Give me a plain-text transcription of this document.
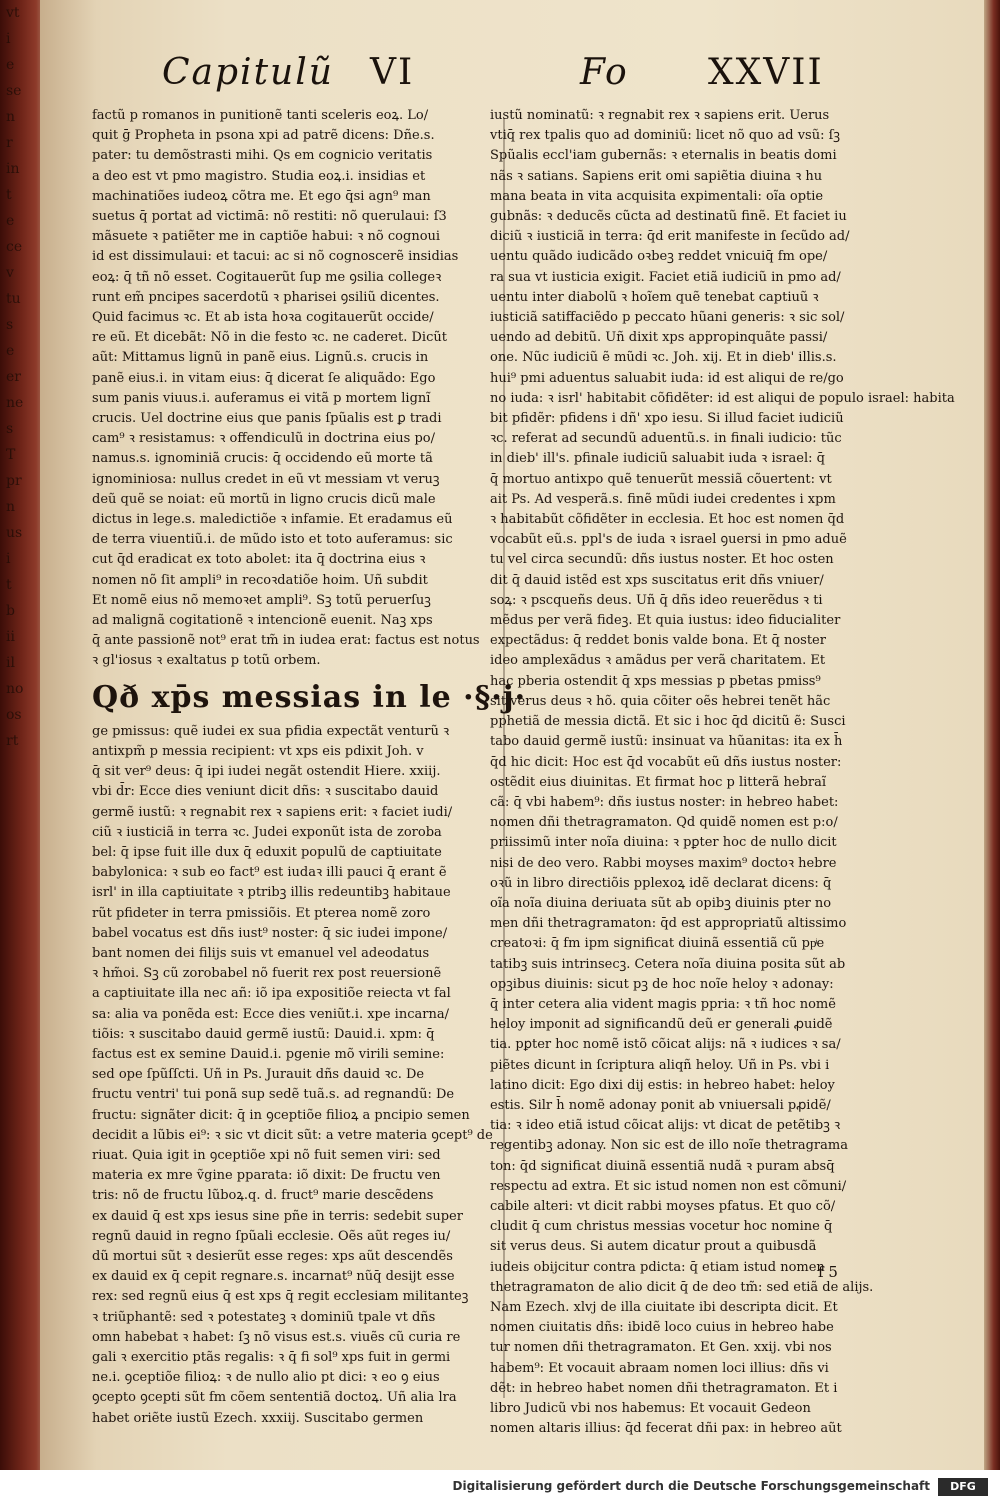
vt
i
e
se
n
r
in
t
e
ce
v
tu
s
e
er
ne
s
T
pr
n
us
i
t
b
ii
il
no
os
rt
Capitulũ VI	Fo XXVII

factũ p romanos in punitionẽ tanti sceleris eoꝝ. Lo/

quit ḡ Propheta in psona xpi ad patrẽ dicens: Dñe.s.

pater: tu demõstrasti mihi. Qs em cognicio veritatis

a deo est vt pmo magistro. Studia eoꝝ.i. insidias et

machinatiões iudeoꝝ cõtra me. Et ego q̄si agn⁹ man

suetus q̄ portat ad victimā: nõ restiti: nõ querulaui: ſ3

mãsuete ꝛ patiẽter me in captiõe habui: ꝛ nõ cognoui

id est dissimulaui: et tacui: ac si nõ cognoscerẽ insidias

eoꝝ: q̄ tñ nõ esset. Cogitauerũt ſup me ꝯsilia collegeꝛ

runt em̃ pncipes sacerdotũ ꝛ pharisei ꝯsiliũ dicentes.

Quid facimus ꝛc. Et ab ista hoꝛa cogitauerũt occide/

re eũ. Et dicebãt: Nõ in die festo ꝛc. ne caderet. Dicũt

aũt: Mittamus lignũ in panẽ eius. Lignũ.s. crucis in

panẽ eius.i. in vitam eius: q̄ dicerat ſe aliquãdo: Ego

sum panis viuus.i. auferamus ei vitã p mortem lignĩ

crucis. Uel doctrine eius que panis ſpũalis est ꝑ tradi

cam⁹ ꝛ resistamus: ꝛ offendiculũ in doctrina eius po/

namus.s. ignominiã crucis: q̄ occidendo eũ morte tã

ignominiosa: nullus credet in eũ vt messiam vt veruꝫ

deũ quẽ se noiat: eũ mortũ in ligno crucis dicũ male

dictus in lege.s. maledictiõe ꝛ infamie. Et eradamus eũ

de terra viuentiũ.i. de mũdo isto et toto auferamus: sic

cut q̄d eradicat ex toto abolet: ita q̄ doctrina eius ꝛ

nomen nõ ſit ampli⁹ in recoꝛdatiõe hoim. Uñ subdit

Et nomẽ eius nõ memoꝛet ampli⁹. Sꝫ totũ peruerſuꝫ

ad malignã cogitationẽ ꝛ intencionẽ euenit. Naꝫ xps

q̄ ante passionẽ not⁹ erat tm̃ in iudea erat: factus est notus

ꝛ gl'iosus ꝛ exaltatus p totũ orbem.

Qð xp̄s messias in le ·§·j·

ge pmissus: quẽ iudei ex sua pfidia expectãt venturũ ꝛ

antixpm̃ p messia recipient: vt xps eis pdixit Joh. v

q̄ sit ver⁹ deus: q̄ ipi iudei negãt ostendit Hiere. xxiij.

vbi d̄r: Ecce dies veniunt dicit dñs: ꝛ suscitabo dauid

germẽ iustũ: ꝛ regnabit rex ꝛ sapiens erit: ꝛ faciet iudi/

ciũ ꝛ iusticiã in terra ꝛc. Judei exponũt ista de zoroba

bel: q̄ ipse fuit ille dux q̄ eduxit populũ de captiuitate

babylonica: ꝛ sub eo fact⁹ est iudaꝛ illi pauci q̄ erant ẽ

isrl' in illa captiuitate ꝛ ptribꝫ illis redeuntibꝫ habitaue

rũt pfideter in terra pmissiõis. Et pterea nomẽ zoro

babel vocatus est dñs iust⁹ noster: q̄ sic iudei impone/

bant nomen dei filijs suis vt emanuel vel adeodatus

ꝛ hm̃oi. Sꝫ cũ zorobabel nõ fuerit rex post reuersionẽ

a captiuitate illa nec añ: iõ ipa expositiõe reiecta vt fal

sa: alia va ponẽda est: Ecce dies veniũt.i. xpe incarna/

tiõis: ꝛ suscitabo dauid germẽ iustũ: Dauid.i. xpm: q̄

factus est ex semine Dauid.i. pgenie mõ virili semine:

sed ope ſpũſſcti. Uñ in Ps. Jurauit dñs dauid ꝛc. De

fructu ventri' tui ponã sup sedẽ tuã.s. ad regnandũ: De

fructu: signãter dicit: q̄ in ꝯceptiõe filioꝝ a pncipio semen

decidit a lũbis ei⁹: ꝛ sic vt dicit sũt: a vetre materia ꝯcept⁹ de

riuat. Quia igit in ꝯceptiõe xpi nõ fuit semen viri: sed

materia ex mre ṽgine pparata: iõ dixit: De fructu ven

tris: nõ de fructu lũboꝝ.q. d. fruct⁹ marie descẽdens

ex dauid q̄ est xps iesus sine pñe in terris: sedebit super

regnũ dauid in regno ſpũali ecclesie. Oẽs aũt reges iu/

dũ mortui sũt ꝛ desierũt esse reges: xps aũt descendẽs

ex dauid ex q̄ cepit regnare.s. incarnat⁹ nũq̄ desijt esse

rex: sed regnũ eius q̄ est xps q̄ regit ecclesiam militanteꝫ

ꝛ triũphantẽ: sed ꝛ potestateꝫ ꝛ dominiũ tpale vt dñs

omn habebat ꝛ habet: ſꝫ nõ visus est.s. viuẽs cũ curia re

gali ꝛ exercitio ptãs regalis: ꝛ q̄ fi sol⁹ xps fuit in germi

ne.i. ꝯceptiõe filioꝝ: ꝛ de nullo alio pt dici: ꝛ eo ꝯ eius

ꝯcepto ꝯcepti sũt fm cõem sententiã doctoꝝ. Uñ alia lra

habet oriẽte iustũ Ezech. xxxiij. Suscitabo germen

iustũ nominatũ: ꝛ regnabit rex ꝛ sapiens erit. Uerus

vtiq̄ rex tpalis quo ad dominiũ: licet nõ quo ad vsũ: ſꝫ

Spũalis eccl'iam gubernãs: ꝛ eternalis in beatis domi

nãs ꝛ satians. Sapiens erit omi sapiẽtia diuina ꝛ hu

mana beata in vita acquisita expimentali: oĩa optie

gubnãs: ꝛ deducẽs cũcta ad destinatũ finẽ. Et faciet iu

diciũ ꝛ iusticiã in terra: q̄d erit manifeste in ſecũdo ad/

uentu quãdo iudicãdo oꝛbeꝫ reddet vnicuiq̄ fm ope/

ra sua vt iusticia exigit. Faciet etiã iudiciũ in pmo ad/

uentu inter diabolũ ꝛ hoĩem quẽ tenebat captiuũ ꝛ

iusticiã satiffaciẽdo p peccato hũani generis: ꝛ sic sol/

uendo ad debitũ. Uñ dixit xps appropinquãte passi/

one. Nũc iudiciũ ẽ mũdi ꝛc. Joh. xij. Et in dieb' illis.s.

hui⁹ pmi aduentus saluabit iuda: id est aliqui de re/go

no iuda: ꝛ isrl' habitabit cõfidẽter: id est aliqui de populo israel: habita

bit pfidẽr: pfidens i dñ' xpo iesu. Si illud faciet iudiciũ

ꝛc. referat ad secundũ aduentũ.s. in finali iudicio: tũc

in dieb' ill's. pfinale iudiciũ saluabit iuda ꝛ israel: q̄

q̄ mortuo antixpo quẽ tenuerũt messiã cõuertent: vt

ait Ps. Ad vesperã.s. finẽ mũdi iudei credentes i xpm

ꝛ habitabũt cõfidẽter in ecclesia. Et hoc est nomen q̄d

vocabũt eũ.s. ppl's de iuda ꝛ israel ꝯuersi in pmo aduẽ

tu vel circa secundũ: dñs iustus noster. Et hoc osten

dit q̄ dauid istẽd est xps suscitatus erit dñs vniuer/

soꝝ: ꝛ pscqueñs deus. Uñ q̄ dñs ideo reuerẽdus ꝛ ti

mẽdus per verã fideꝫ. Et quia iustus: ideo fiducialiter

expectãdus: q̄ reddet bonis valde bona. Et q̄ noster

ideo amplexãdus ꝛ amãdus per verã charitatem. Et

hac pberia ostendit q̄ xps messias p pbetas pmiss⁹

sit verus deus ꝛ hõ. quia cõiter oẽs hebrei tenẽt hãc

pphetiã de messia dictã. Et sic i hoc q̄d dicitũ ẽ: Susci

tabo dauid germẽ iustũ: insinuat va hũanitas: ita ex h̄

q̄d hic dicit: Hoc est q̄d vocabũt eũ dñs iustus noster:

ostẽdit eius diuinitas. Et firmat hoc p litterã hebraĩ

cã: q̄ vbi habem⁹: dñs iustus noster: in hebreo habet:

nomen dñi thetragramaton. Qd quidẽ nomen est p:o/

priissimũ inter noĩa diuina: ꝛ pꝑter hoc de nullo dicit

nisi de deo vero. Rabbi moyses maxim⁹ doctoꝛ hebre

oꝛũ in libro directiõis pplexoꝝ idẽ declarat dicens: q̄

oĩa noĩa diuina deriuata sũt ab opibꝫ diuinis pter no

men dñi thetragramaton: q̄d est appropriatũ altissimo

creatoꝛi: q̄ fm ipm significat diuinã essentiã cũ ppͥe

tatibꝫ suis intrinsecꝫ. Cetera noĩa diuina posita sũt ab

opꝫibus diuinis: sicut pꝫ de hoc noĩe heloy ꝛ adonay:

q̄ inter cetera alia vident magis ppria: ꝛ tñ hoc nomẽ

heloy imponit ad significandũ deũ er generali ꝓuidẽ

tia. pꝑter hoc nomẽ istõ cõicat alijs: nã ꝛ iudices ꝛ sa/

piẽtes dicunt in ſcriptura aliqñ heloy. Uñ in Ps. vbi i

latino dicit: Ego dixi dij estis: in hebreo habet: heloy

estis. Silr h̄ nomẽ adonay ponit ab vniuersali pꝓidẽ/

tia: ꝛ ideo etiã istud cõicat alijs: vt dicat de petẽtibꝫ ꝛ

regentibꝫ adonay. Non sic est de illo noĩe thetragrama

ton: q̄d significat diuinã essentiã nudã ꝛ puram absq̄

respectu ad extra. Et sic istud nomen non est cõmuni/

cabile alteri: vt dicit rabbi moyses pfatus. Et quo cõ/

cludit q̄ cum christus messias vocetur hoc nomine q̄

sit verus deus. Si autem dicatur prout a quibusdã

iudeis obijcitur contra pdicta: q̄ etiam istud nomen

thetragramaton de alio dicit q̄ de deo tm̃: sed etiã de alijs.

Nam Ezech. xlvj de illa ciuitate ibi descripta dicit. Et

nomen ciuitatis dñs: ibidẽ loco cuius in hebreo habe

tur nomen dñi thetragramaton. Et Gen. xxij. vbi nos

habem⁹: Et vocauit abraam nomen loci illius: dñs vi

dẽt: in hebreo habet nomen dñi thetragramaton. Et i

libro Judicũ vbi nos habemus: Et vocauit Gedeon

nomen altaris illius: q̄d fecerat dñi pax: in hebreo aũt

f 5
Digitalisierung gefördert durch die Deutsche Forschungsgemeinschaft	DFG
